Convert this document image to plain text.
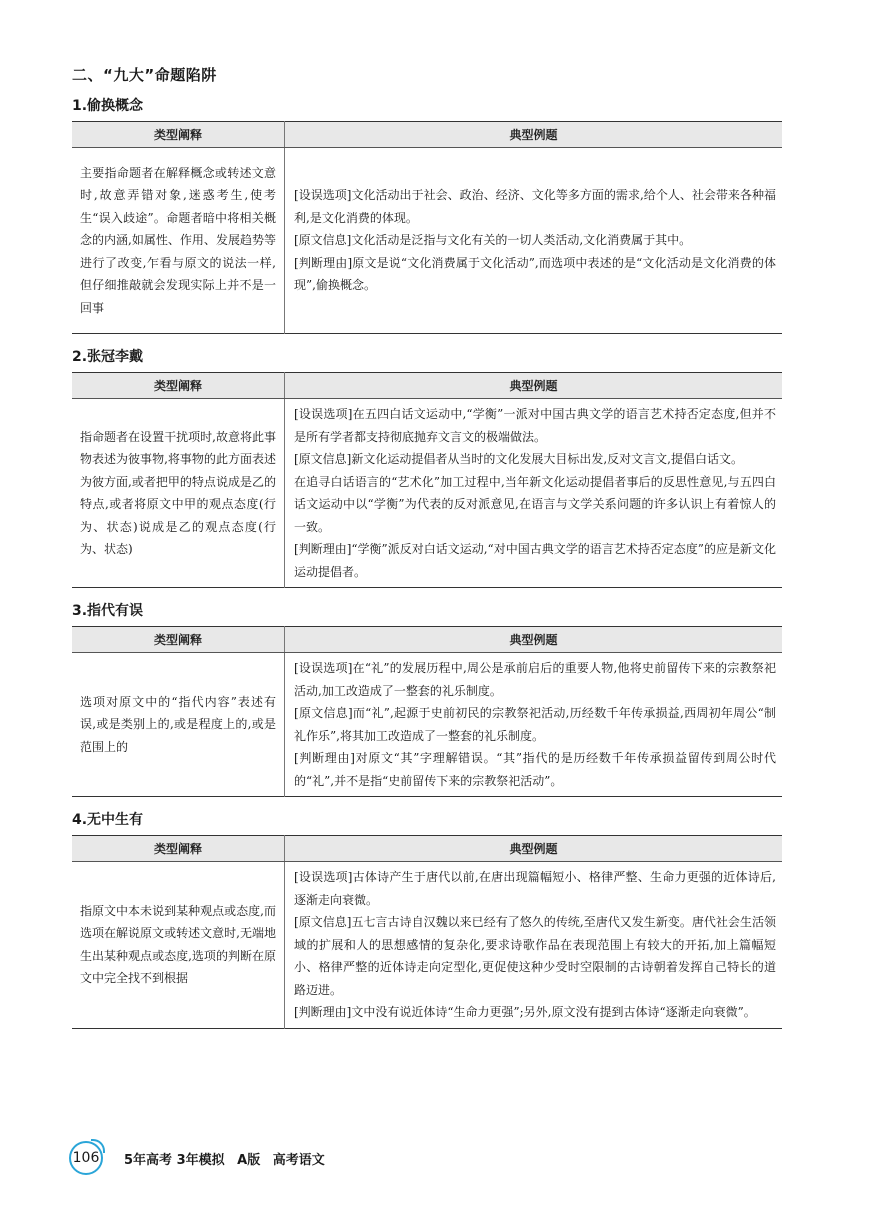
二、“九大”命题陷阱
1.偷换概念
类型阐释	典型例题
主要指命题者在解释概念或转述文意时,故意弄错对象,迷惑考生,使考生“误入歧途”。命题者暗中将相关概念的内涵,如属性、作用、发展趋势等进行了改变,乍看与原文的说法一样,但仔细推敲就会发现实际上并不是一回事	[设误选项]文化活动出于社会、政治、经济、文化等多方面的需求,给个人、社会带来各种福利,是文化消费的体现。

[原文信息]文化活动是泛指与文化有关的一切人类活动,文化消费属于其中。

[判断理由]原文是说“文化消费属于文化活动”,而选项中表述的是“文化活动是文化消费的体现”,偷换概念。

2.张冠李戴
类型阐释	典型例题
指命题者在设置干扰项时,故意将此事物表述为彼事物,将事物的此方面表述为彼方面,或者把甲的特点说成是乙的特点,或者将原文中甲的观点态度(行为、状态)说成是乙的观点态度(行为、状态)	[设误选项]在五四白话文运动中,“学衡”一派对中国古典文学的语言艺术持否定态度,但并不是所有学者都支持彻底抛弃文言文的极端做法。

[原文信息]新文化运动提倡者从当时的文化发展大目标出发,反对文言文,提倡白话文。

在追寻白话语言的“艺术化”加工过程中,当年新文化运动提倡者事后的反思性意见,与五四白话文运动中以“学衡”为代表的反对派意见,在语言与文学关系问题的许多认识上有着惊人的一致。

[判断理由]“学衡”派反对白话文运动,“对中国古典文学的语言艺术持否定态度”的应是新文化运动提倡者。

3.指代有误
类型阐释	典型例题
选项对原文中的“指代内容”表述有误,或是类别上的,或是程度上的,或是范围上的	[设误选项]在“礼”的发展历程中,周公是承前启后的重要人物,他将史前留传下来的宗教祭祀活动,加工改造成了一整套的礼乐制度。

[原文信息]而“礼”,起源于史前初民的宗教祭祀活动,历经数千年传承损益,西周初年周公“制礼作乐”,将其加工改造成了一整套的礼乐制度。

[判断理由]对原文“其”字理解错误。“其”指代的是历经数千年传承损益留传到周公时代的“礼”,并不是指“史前留传下来的宗教祭祀活动”。

4.无中生有
类型阐释	典型例题
指原文中本未说到某种观点或态度,而选项在解说原文或转述文意时,无端地生出某种观点或态度,选项的判断在原文中完全找不到根据	[设误选项]古体诗产生于唐代以前,在唐出现篇幅短小、格律严整、生命力更强的近体诗后,逐渐走向衰微。

[原文信息]五七言古诗自汉魏以来已经有了悠久的传统,至唐代又发生新变。唐代社会生活领域的扩展和人的思想感情的复杂化,要求诗歌作品在表现范围上有较大的开拓,加上篇幅短小、格律严整的近体诗走向定型化,更促使这种少受时空限制的古诗朝着发挥自己特长的道路迈进。

[判断理由]文中没有说近体诗“生命力更强”;另外,原文没有提到古体诗“逐渐走向衰微”。

106 5年高考 3年模拟 A版 高考语文
